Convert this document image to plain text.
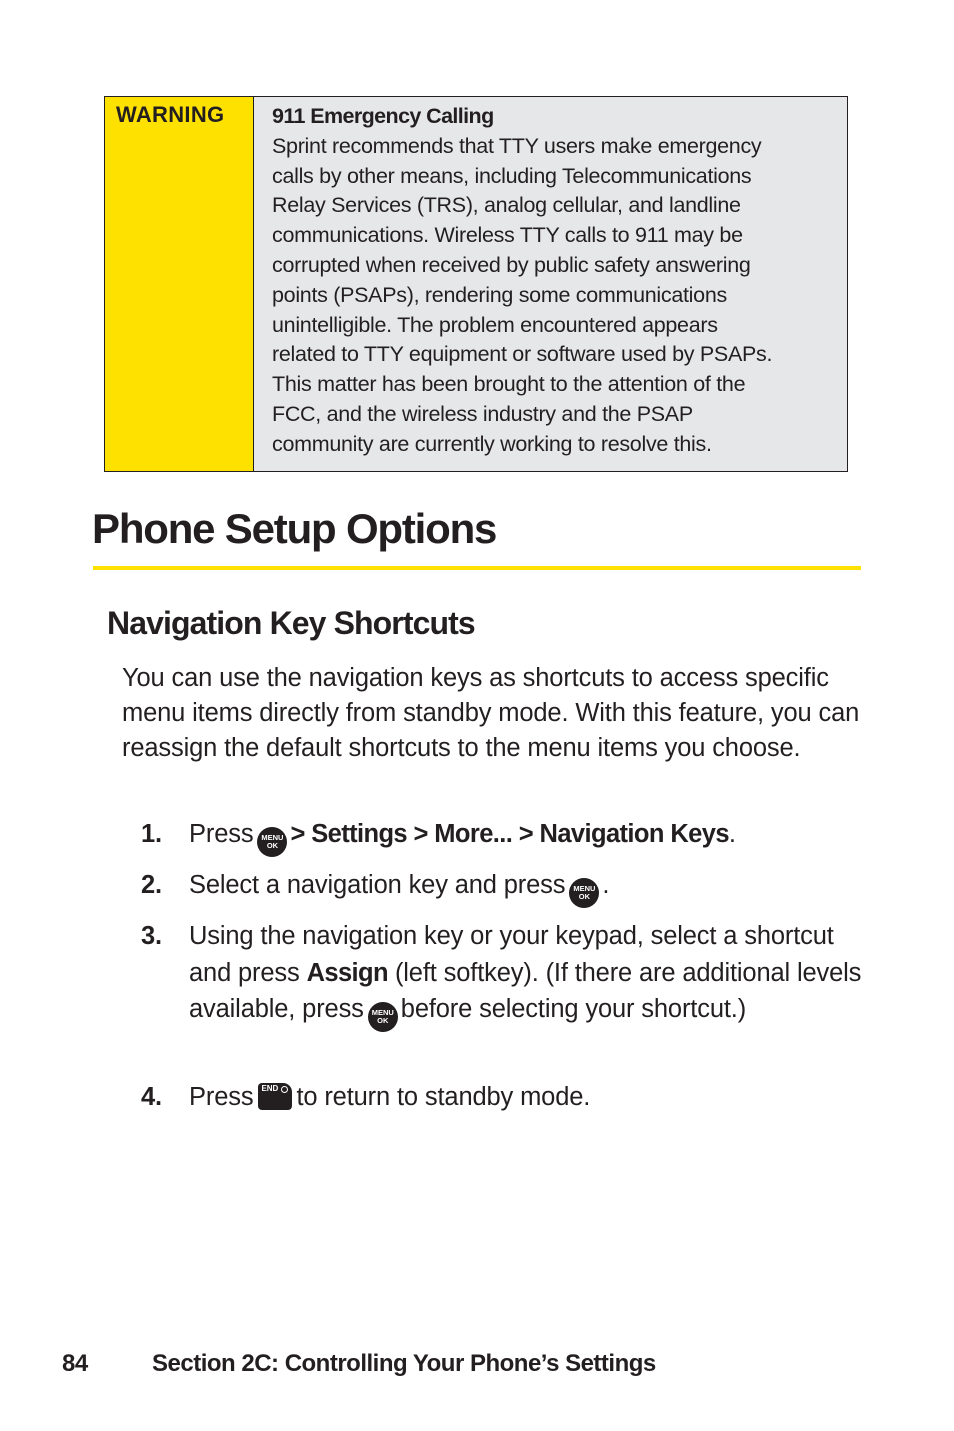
WARNING	911 Emergency Calling
Sprint recommends that TTY users make emergency
calls by other means, including Telecommunications
Relay Services (TRS), analog cellular, and landline
communications. Wireless TTY calls to 911 may be
corrupted when received by public safety answering
points (PSAPs), rendering some communications
unintelligible. The problem encountered appears
related to TTY equipment or software used by PSAPs.
This matter has been brought to the attention of the
FCC, and the wireless industry and the PSAP
community are currently working to resolve this.
Phone Setup Options
Navigation Key Shortcuts

You can use the navigation keys as shortcuts to access specific menu items directly from standby mode. With this feature, you can reassign the default shortcuts to the menu items you choose.

1. Press MENU
OK > Settings > More... > Navigation Keys.
2. Select a navigation key and press MENU
OK .
3. Using the navigation key or your keypad, select a shortcut and press Assign (left softkey). (If there are additional levels available, press MENU
OK before selecting your shortcut.)
4. Press END to return to standby mode.
84	Section 2C: Controlling Your Phone’s Settings
